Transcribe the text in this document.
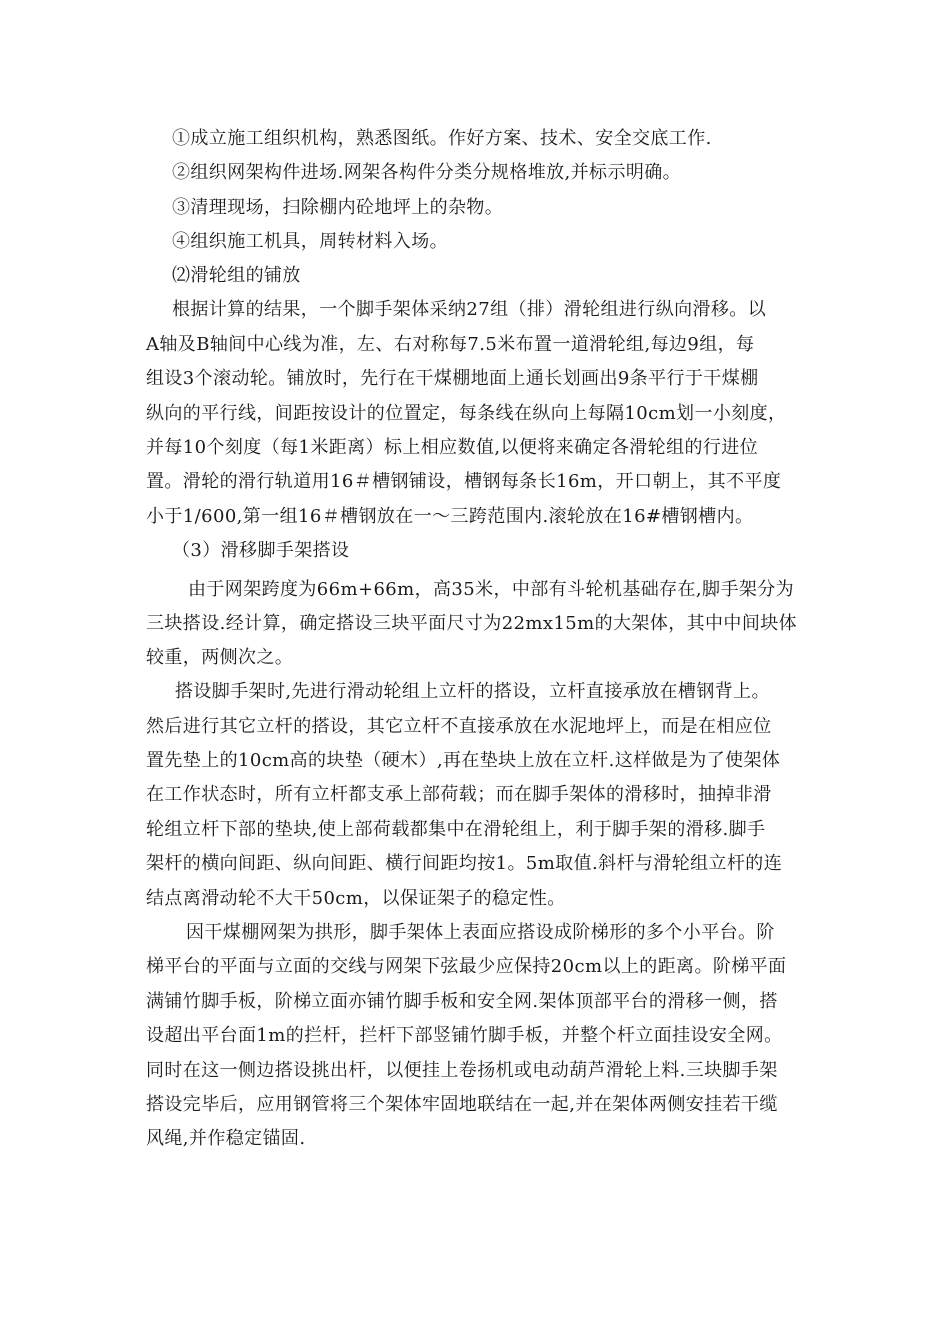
①成立施工组织机构，熟悉图纸。作好方案、技术、安全交底工作.
②组织网架构件进场.网架各构件分类分规格堆放,并标示明确。
③清理现场，扫除棚内砼地坪上的杂物。
④组织施工机具，周转材料入场。
⑵滑轮组的铺放
根据计算的结果，一个脚手架体采纳27组（排）滑轮组进行纵向滑移。以
A轴及B轴间中心线为准，左、右对称每7.5米布置一道滑轮组,每边9组，每
组设3个滚动轮。铺放时，先行在干煤棚地面上通长划画出9条平行于干煤棚
纵向的平行线，间距按设计的位置定，每条线在纵向上每隔10cm划一小刻度，
并每10个刻度（每1米距离）标上相应数值,以便将来确定各滑轮组的行进位
置。滑轮的滑行轨道用16＃槽钢铺设，槽钢每条长16m，开口朝上，其不平度
小于1/600,第一组16＃槽钢放在一～三跨范围内.滚轮放在16#槽钢槽内。
（3）滑移脚手架搭设
由于网架跨度为66m+66m，高35米，中部有斗轮机基础存在,脚手架分为
三块搭设.经计算，确定搭设三块平面尺寸为22mx15m的大架体，其中中间块体
较重，两侧次之。
搭设脚手架时,先进行滑动轮组上立杆的搭设，立杆直接承放在槽钢背上。
然后进行其它立杆的搭设，其它立杆不直接承放在水泥地坪上，而是在相应位
置先垫上的10cm高的块垫（硬木）,再在垫块上放在立杆.这样做是为了使架体
在工作状态时，所有立杆都支承上部荷载；而在脚手架体的滑移时，抽掉非滑
轮组立杆下部的垫块,使上部荷载都集中在滑轮组上，利于脚手架的滑移.脚手
架杆的横向间距、纵向间距、横行间距均按1。5m取值.斜杆与滑轮组立杆的连
结点离滑动轮不大干50cm，以保证架子的稳定性。
因干煤棚网架为拱形，脚手架体上表面应搭设成阶梯形的多个小平台。阶
梯平台的平面与立面的交线与网架下弦最少应保持20cm以上的距离。阶梯平面
满铺竹脚手板，阶梯立面亦铺竹脚手板和安全网.架体顶部平台的滑移一侧，搭
设超出平台面1m的拦杆，拦杆下部竖铺竹脚手板，并整个杆立面挂设安全网。
同时在这一侧边搭设挑出杆，以便挂上卷扬机或电动葫芦滑轮上料.三块脚手架
搭设完毕后，应用钢管将三个架体牢固地联结在一起,并在架体两侧安挂若干缆
风绳,并作稳定锚固.
